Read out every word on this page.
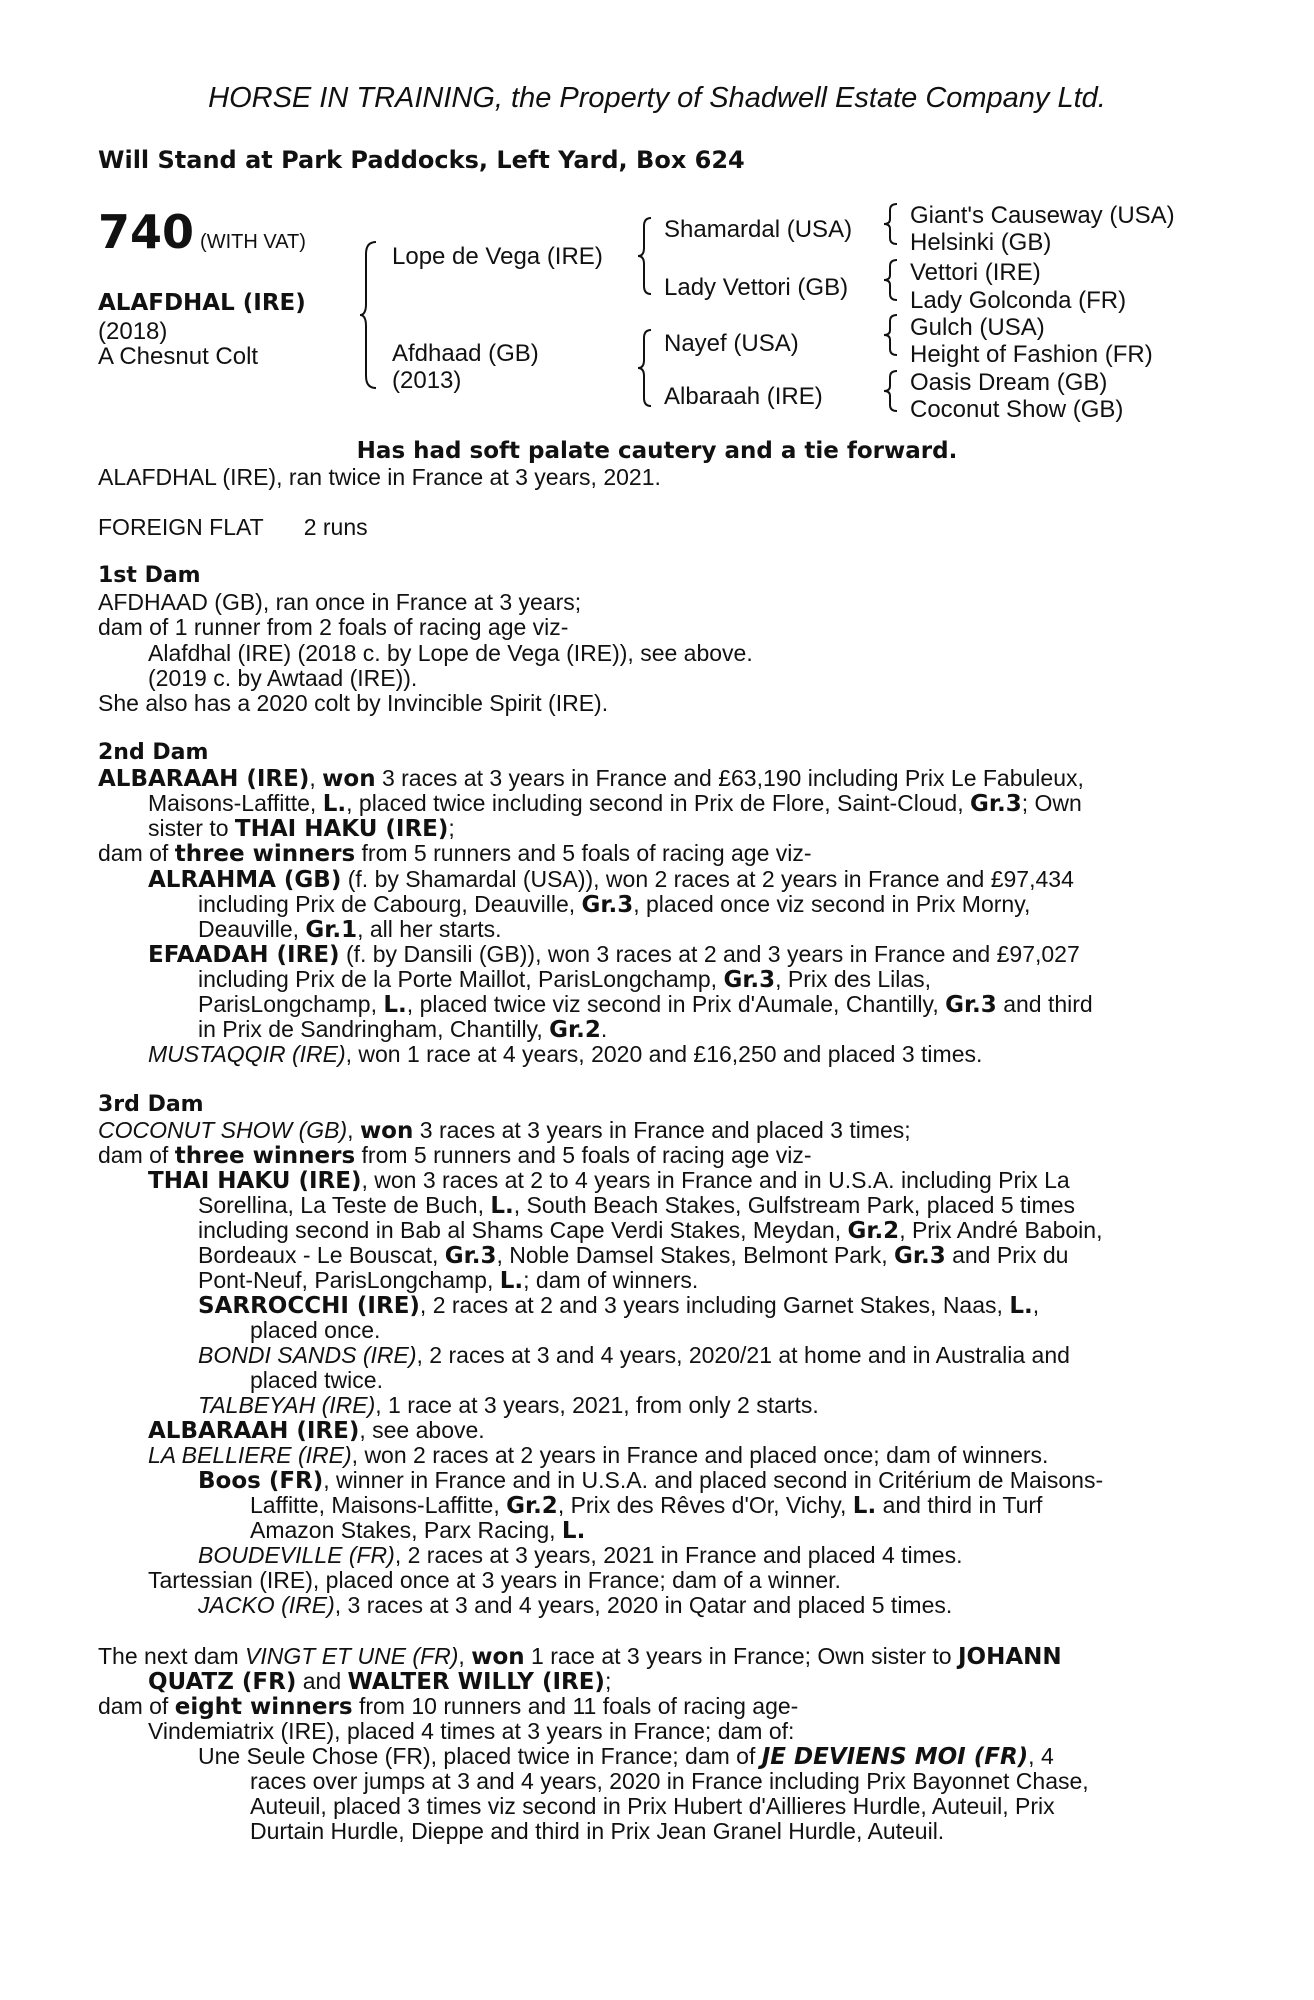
HORSE IN TRAINING, the Property of Shadwell Estate Company Ltd.
Will Stand at Park Paddocks, Left Yard, Box 624
740 (WITH VAT)
ALAFDHAL (IRE)
(2018)
A Chesnut Colt
Lope de Vega (IRE)
Afdhaad (GB)
(2013)
Shamardal (USA)
Lady Vettori (GB)
Nayef (USA)
Albaraah (IRE)
Giant's Causeway (USA)
Helsinki (GB)
Vettori (IRE)
Lady Golconda (FR)
Gulch (USA)
Height of Fashion (FR)
Oasis Dream (GB)
Coconut Show (GB)
Has had soft palate cautery and a tie forward.
ALAFDHAL (IRE), ran twice in France at 3 years, 2021.
FOREIGN FLAT 2 runs
1st Dam
AFDHAAD (GB), ran once in France at 3 years;
dam of 1 runner from 2 foals of racing age viz-
Alafdhal (IRE) (2018 c. by Lope de Vega (IRE)), see above.
(2019 c. by Awtaad (IRE)).
She also has a 2020 colt by Invincible Spirit (IRE).
2nd Dam
ALBARAAH (IRE), won 3 races at 3 years in France and £63,190 including Prix Le Fabuleux,
Maisons-Laffitte, L., placed twice including second in Prix de Flore, Saint-Cloud, Gr.3; Own
sister to THAI HAKU (IRE);
dam of three winners from 5 runners and 5 foals of racing age viz-
ALRAHMA (GB) (f. by Shamardal (USA)), won 2 races at 2 years in France and £97,434
including Prix de Cabourg, Deauville, Gr.3, placed once viz second in Prix Morny,
Deauville, Gr.1, all her starts.
EFAADAH (IRE) (f. by Dansili (GB)), won 3 races at 2 and 3 years in France and £97,027
including Prix de la Porte Maillot, ParisLongchamp, Gr.3, Prix des Lilas,
ParisLongchamp, L., placed twice viz second in Prix d'Aumale, Chantilly, Gr.3 and third
in Prix de Sandringham, Chantilly, Gr.2.
MUSTAQQIR (IRE), won 1 race at 4 years, 2020 and £16,250 and placed 3 times.
3rd Dam
COCONUT SHOW (GB), won 3 races at 3 years in France and placed 3 times;
dam of three winners from 5 runners and 5 foals of racing age viz-
THAI HAKU (IRE), won 3 races at 2 to 4 years in France and in U.S.A. including Prix La
Sorellina, La Teste de Buch, L., South Beach Stakes, Gulfstream Park, placed 5 times
including second in Bab al Shams Cape Verdi Stakes, Meydan, Gr.2, Prix André Baboin,
Bordeaux - Le Bouscat, Gr.3, Noble Damsel Stakes, Belmont Park, Gr.3 and Prix du
Pont-Neuf, ParisLongchamp, L.; dam of winners.
SARROCCHI (IRE), 2 races at 2 and 3 years including Garnet Stakes, Naas, L.,
placed once.
BONDI SANDS (IRE), 2 races at 3 and 4 years, 2020/21 at home and in Australia and
placed twice.
TALBEYAH (IRE), 1 race at 3 years, 2021, from only 2 starts.
ALBARAAH (IRE), see above.
LA BELLIERE (IRE), won 2 races at 2 years in France and placed once; dam of winners.
Boos (FR), winner in France and in U.S.A. and placed second in Critérium de Maisons-
Laffitte, Maisons-Laffitte, Gr.2, Prix des Rêves d'Or, Vichy, L. and third in Turf
Amazon Stakes, Parx Racing, L.
BOUDEVILLE (FR), 2 races at 3 years, 2021 in France and placed 4 times.
Tartessian (IRE), placed once at 3 years in France; dam of a winner.
JACKO (IRE), 3 races at 3 and 4 years, 2020 in Qatar and placed 5 times.
The next dam VINGT ET UNE (FR), won 1 race at 3 years in France; Own sister to JOHANN
QUATZ (FR) and WALTER WILLY (IRE);
dam of eight winners from 10 runners and 11 foals of racing age-
Vindemiatrix (IRE), placed 4 times at 3 years in France; dam of:
Une Seule Chose (FR), placed twice in France; dam of JE DEVIENS MOI (FR), 4
races over jumps at 3 and 4 years, 2020 in France including Prix Bayonnet Chase,
Auteuil, placed 3 times viz second in Prix Hubert d'Aillieres Hurdle, Auteuil, Prix
Durtain Hurdle, Dieppe and third in Prix Jean Granel Hurdle, Auteuil.
